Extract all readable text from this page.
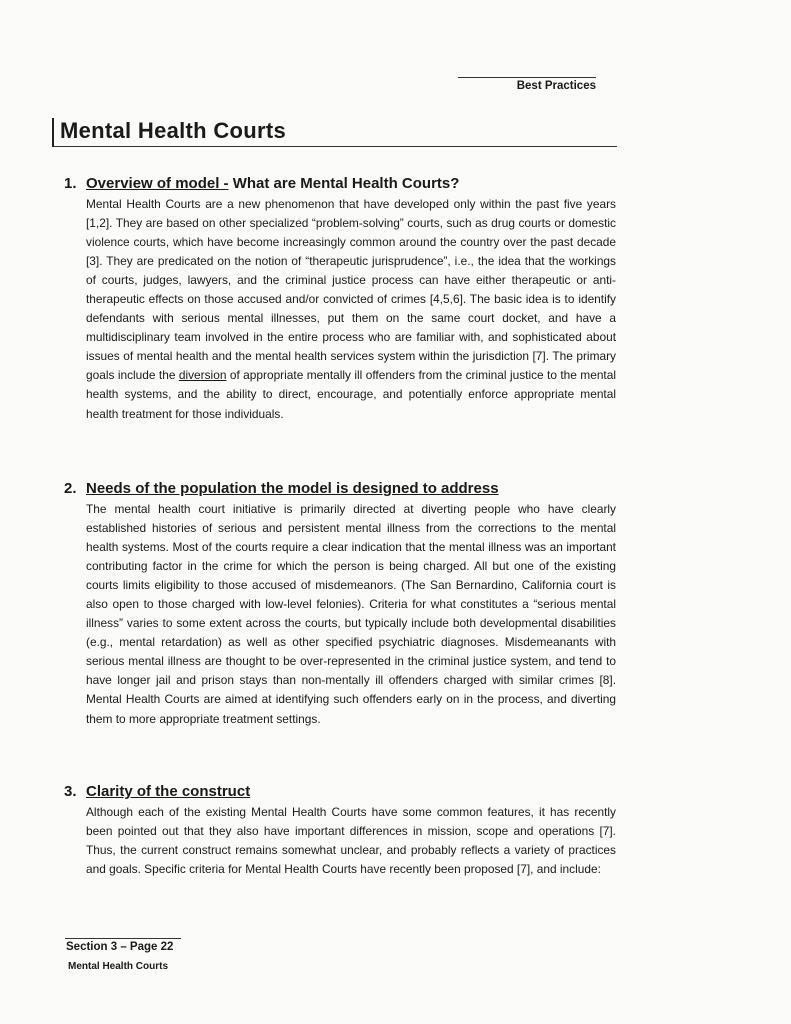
Best Practices
Mental Health Courts
1. Overview of model - What are Mental Health Courts?
Mental Health Courts are a new phenomenon that have developed only within the past five years [1,2]. They are based on other specialized “problem-solving” courts, such as drug courts or domestic violence courts, which have become increasingly common around the country over the past decade [3]. They are predicated on the notion of “therapeutic jurisprudence”, i.e., the idea that the workings of courts, judges, lawyers, and the criminal justice process can have either therapeutic or anti-therapeutic effects on those accused and/or convicted of crimes [4,5,6]. The basic idea is to identify defendants with serious mental illnesses, put them on the same court docket, and have a multidisciplinary team involved in the entire process who are familiar with, and sophisticated about issues of mental health and the mental health services system within the jurisdiction [7]. The primary goals include the diversion of appropriate mentally ill offenders from the criminal justice to the mental health systems, and the ability to direct, encourage, and potentially enforce appropriate mental health treatment for those individuals.
2. Needs of the population the model is designed to address
The mental health court initiative is primarily directed at diverting people who have clearly established histories of serious and persistent mental illness from the corrections to the mental health systems. Most of the courts require a clear indication that the mental illness was an important contributing factor in the crime for which the person is being charged. All but one of the existing courts limits eligibility to those accused of misdemeanors. (The San Bernardino, California court is also open to those charged with low-level felonies). Criteria for what constitutes a “serious mental illness” varies to some extent across the courts, but typically include both developmental disabilities (e.g., mental retardation) as well as other specified psychiatric diagnoses. Misdemeanants with serious mental illness are thought to be over-represented in the criminal justice system, and tend to have longer jail and prison stays than non-mentally ill offenders charged with similar crimes [8]. Mental Health Courts are aimed at identifying such offenders early on in the process, and diverting them to more appropriate treatment settings.
3. Clarity of the construct
Although each of the existing Mental Health Courts have some common features, it has recently been pointed out that they also have important differences in mission, scope and operations [7]. Thus, the current construct remains somewhat unclear, and probably reflects a variety of practices and goals. Specific criteria for Mental Health Courts have recently been proposed [7], and include:
Section 3 – Page 22
Mental Health Courts
